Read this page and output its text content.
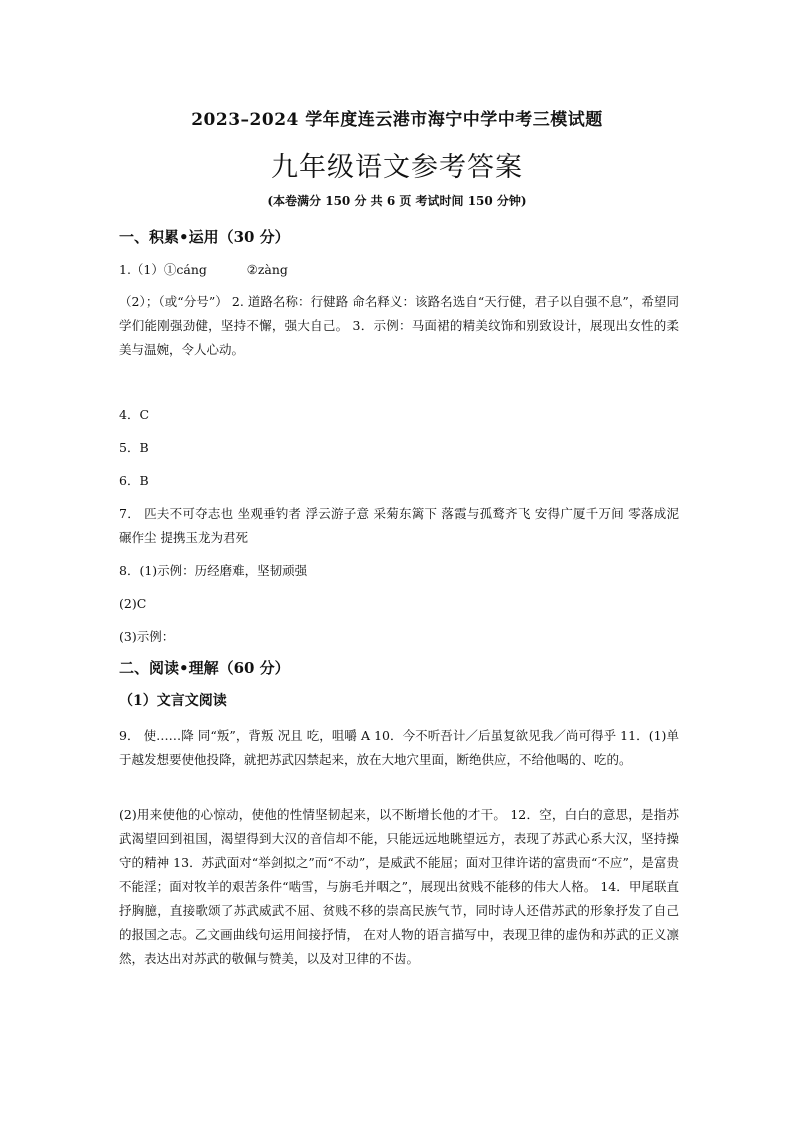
2023–2024 学年度连云港市海宁中学中考三模试题
九年级语文参考答案
(本卷满分 150 分 共 6 页 考试时间 150 分钟)
一、积累•运用（30 分）
1.（1）①cáng          ②zàng
（2）；（或“分号”） 2. 道路名称：行健路 命名释义：该路名选自“天行健，君子以自强不息”，希望同学们能刚强劲健，坚持不懈，强大自己。 3．示例：马面裙的精美纹饰和别致设计，展现出女性的柔美与温婉，令人心动。
4．C
5．B
6．B
7． 匹夫不可夺志也 坐观垂钓者 浮云游子意 采菊东篱下 落霞与孤鹜齐飞 安得广厦千万间 零落成泥碾作尘 提携玉龙为君死
8．(1)示例：历经磨难，坚韧顽强
(2)C
(3)示例：
二、阅读•理解（60 分）
（1）文言文阅读
9． 使……降 同“叛”，背叛 况且 吃，咀嚼 A 10．今不听吾计／后虽复欲见我／尚可得乎 11．(1)单于越发想要使他投降，就把苏武囚禁起来，放在大地穴里面，断绝供应，不给他喝的、吃的。
(2)用来使他的心惊动，使他的性情坚韧起来，以不断增长他的才干。 12．空，白白的意思，是指苏武渴望回到祖国，渴望得到大汉的音信却不能，只能远远地眺望远方，表现了苏武心系大汉，坚持操守的精神 13．苏武面对“举剑拟之”而“不动”，是威武不能屈；面对卫律许诺的富贵而“不应”，是富贵不能淫；面对牧羊的艰苦条件“啮雪，与旃毛并咽之”，展现出贫贱不能移的伟大人格。 14．甲尾联直抒胸臆，直接歌颂了苏武威武不屈、贫贱不移的崇高民族气节，同时诗人还借苏武的形象抒发了自己的报国之志。乙文画曲线句运用间接抒情， 在对人物的语言描写中，表现卫律的虚伪和苏武的正义凛然，表达出对苏武的敬佩与赞美，以及对卫律的不齿。
